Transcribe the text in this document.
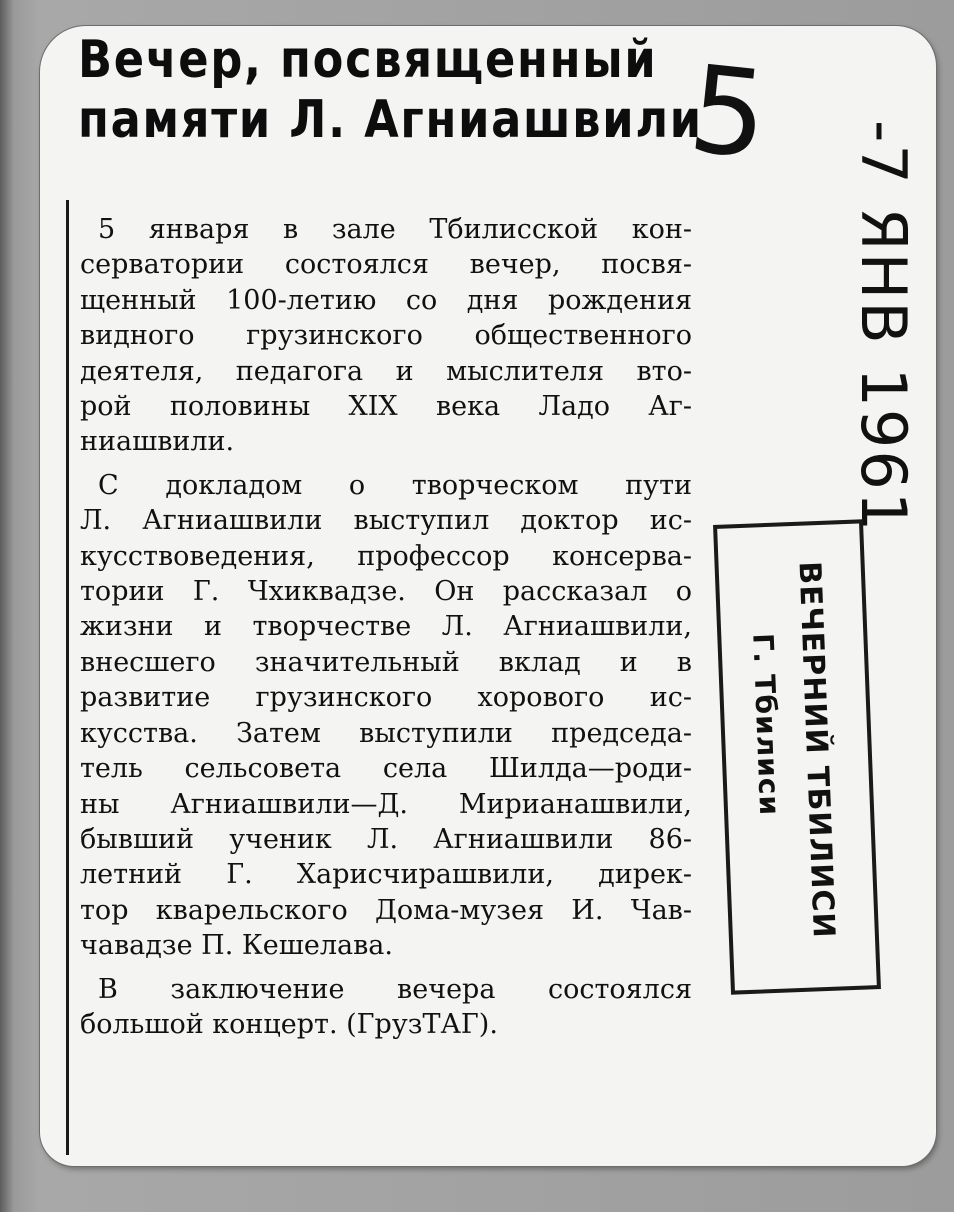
Вечер, посвященный
памяти Л. Агниашвили
5
-7 ЯНВ 1961
ВЕЧЕРНИЙ ТБИЛИСИ
Г. Тбилиси

5 января в зале Тбилисской кон-
серватории состоялся вечер, посвя-
щенный 100-летию со дня рождения
видного грузинского общественного
деятеля, педагога и мыслителя вто-
рой половины XIX века Ладо Аг-
ниашвили.

С докладом о творческом пути
Л. Агниашвили выступил доктор ис-
кусствоведения, профессор консерва-
тории Г. Чхиквадзе. Он рассказал о
жизни и творчестве Л. Агниашвили,
внесшего значительный вклад и в
развитие грузинского хорового ис-
кусства. Затем выступили председа-
тель сельсовета села Шилда—роди-
ны Агниашвили—Д. Мирианашвили,
бывший ученик Л. Агниашвили 86-
летний Г. Харисчирашвили, дирек-
тор кварельского Дома-музея И. Чав-
чавадзе П. Кешелава.

В заключение вечера состоялся
большой концерт. (ГрузТАГ).
